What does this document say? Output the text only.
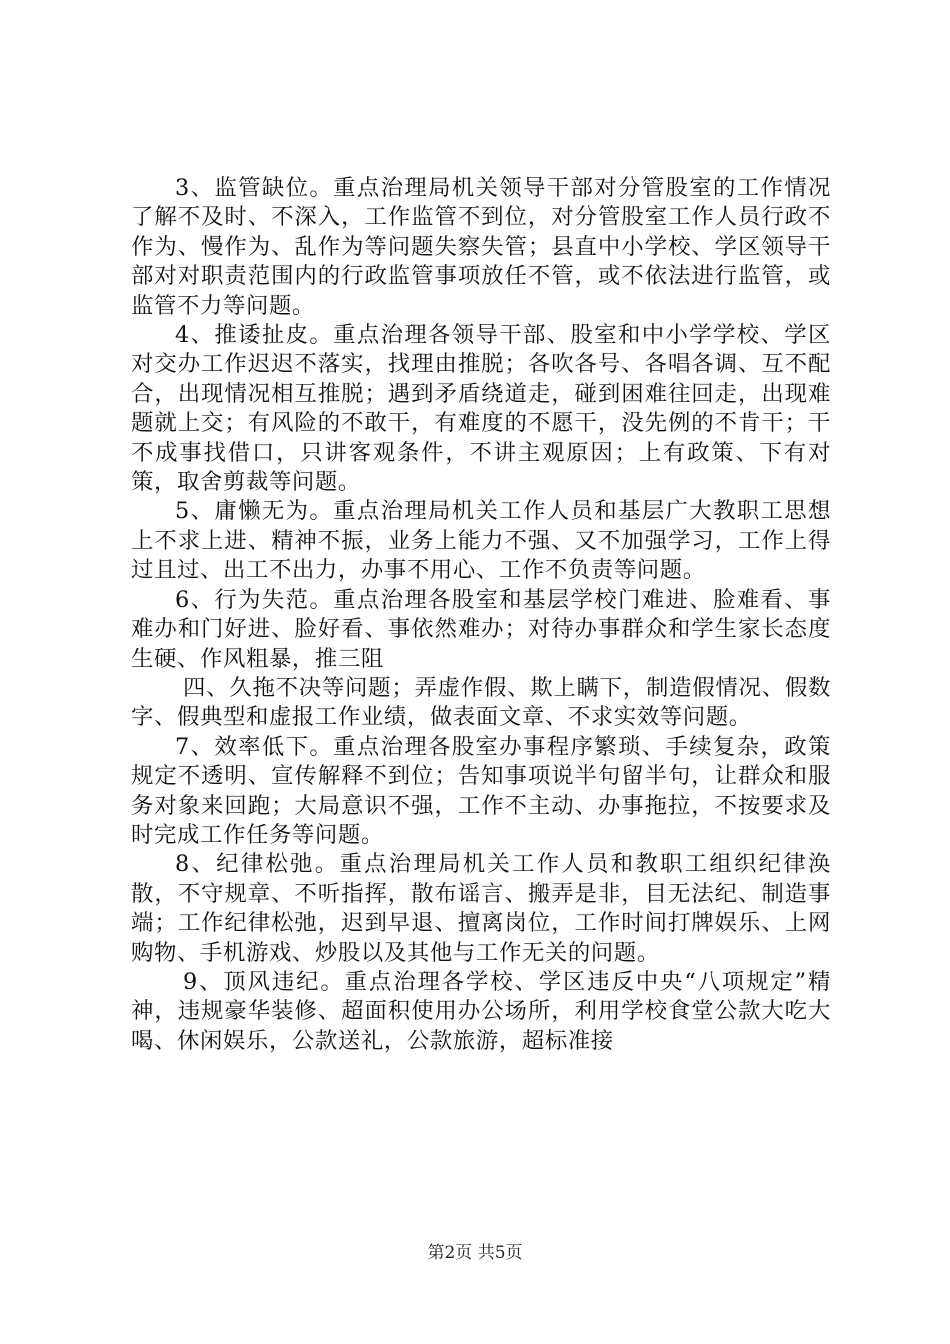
3、监管缺位。重点治理局机关领导干部对分管股室的工作情况了解不及时、不深入，工作监管不到位，对分管股室工作人员行政不作为、慢作为、乱作为等问题失察失管；县直中小学校、学区领导干部对对职责范围内的行政监管事项放任不管，或不依法进行监管，或监管不力等问题。

4、推诿扯皮。重点治理各领导干部、股室和中小学学校、学区对交办工作迟迟不落实，找理由推脱；各吹各号、各唱各调、互不配合，出现情况相互推脱；遇到矛盾绕道走，碰到困难往回走，出现难题就上交；有风险的不敢干，有难度的不愿干，没先例的不肯干；干不成事找借口，只讲客观条件，不讲主观原因；上有政策、下有对策，取舍剪裁等问题。

5、庸懒无为。重点治理局机关工作人员和基层广大教职工思想上不求上进、精神不振，业务上能力不强、又不加强学习，工作上得过且过、出工不出力，办事不用心、工作不负责等问题。

6、行为失范。重点治理各股室和基层学校门难进、脸难看、事难办和门好进、脸好看、事依然难办；对待办事群众和学生家长态度生硬、作风粗暴，推三阻

四、久拖不决等问题；弄虚作假、欺上瞒下，制造假情况、假数字、假典型和虚报工作业绩，做表面文章、不求实效等问题。

7、效率低下。重点治理各股室办事程序繁琐、手续复杂，政策规定不透明、宣传解释不到位；告知事项说半句留半句，让群众和服务对象来回跑；大局意识不强，工作不主动、办事拖拉，不按要求及时完成工作任务等问题。

8、纪律松弛。重点治理局机关工作人员和教职工组织纪律涣散，不守规章、不听指挥，散布谣言、搬弄是非，目无法纪、制造事端；工作纪律松弛，迟到早退、擅离岗位，工作时间打牌娱乐、上网购物、手机游戏、炒股以及其他与工作无关的问题。

9、顶风违纪。重点治理各学校、学区违反中央“八项规定”精神，违规豪华装修、超面积使用办公场所，利用学校食堂公款大吃大喝、休闲娱乐，公款送礼，公款旅游，超标准接

第2页 共5页
